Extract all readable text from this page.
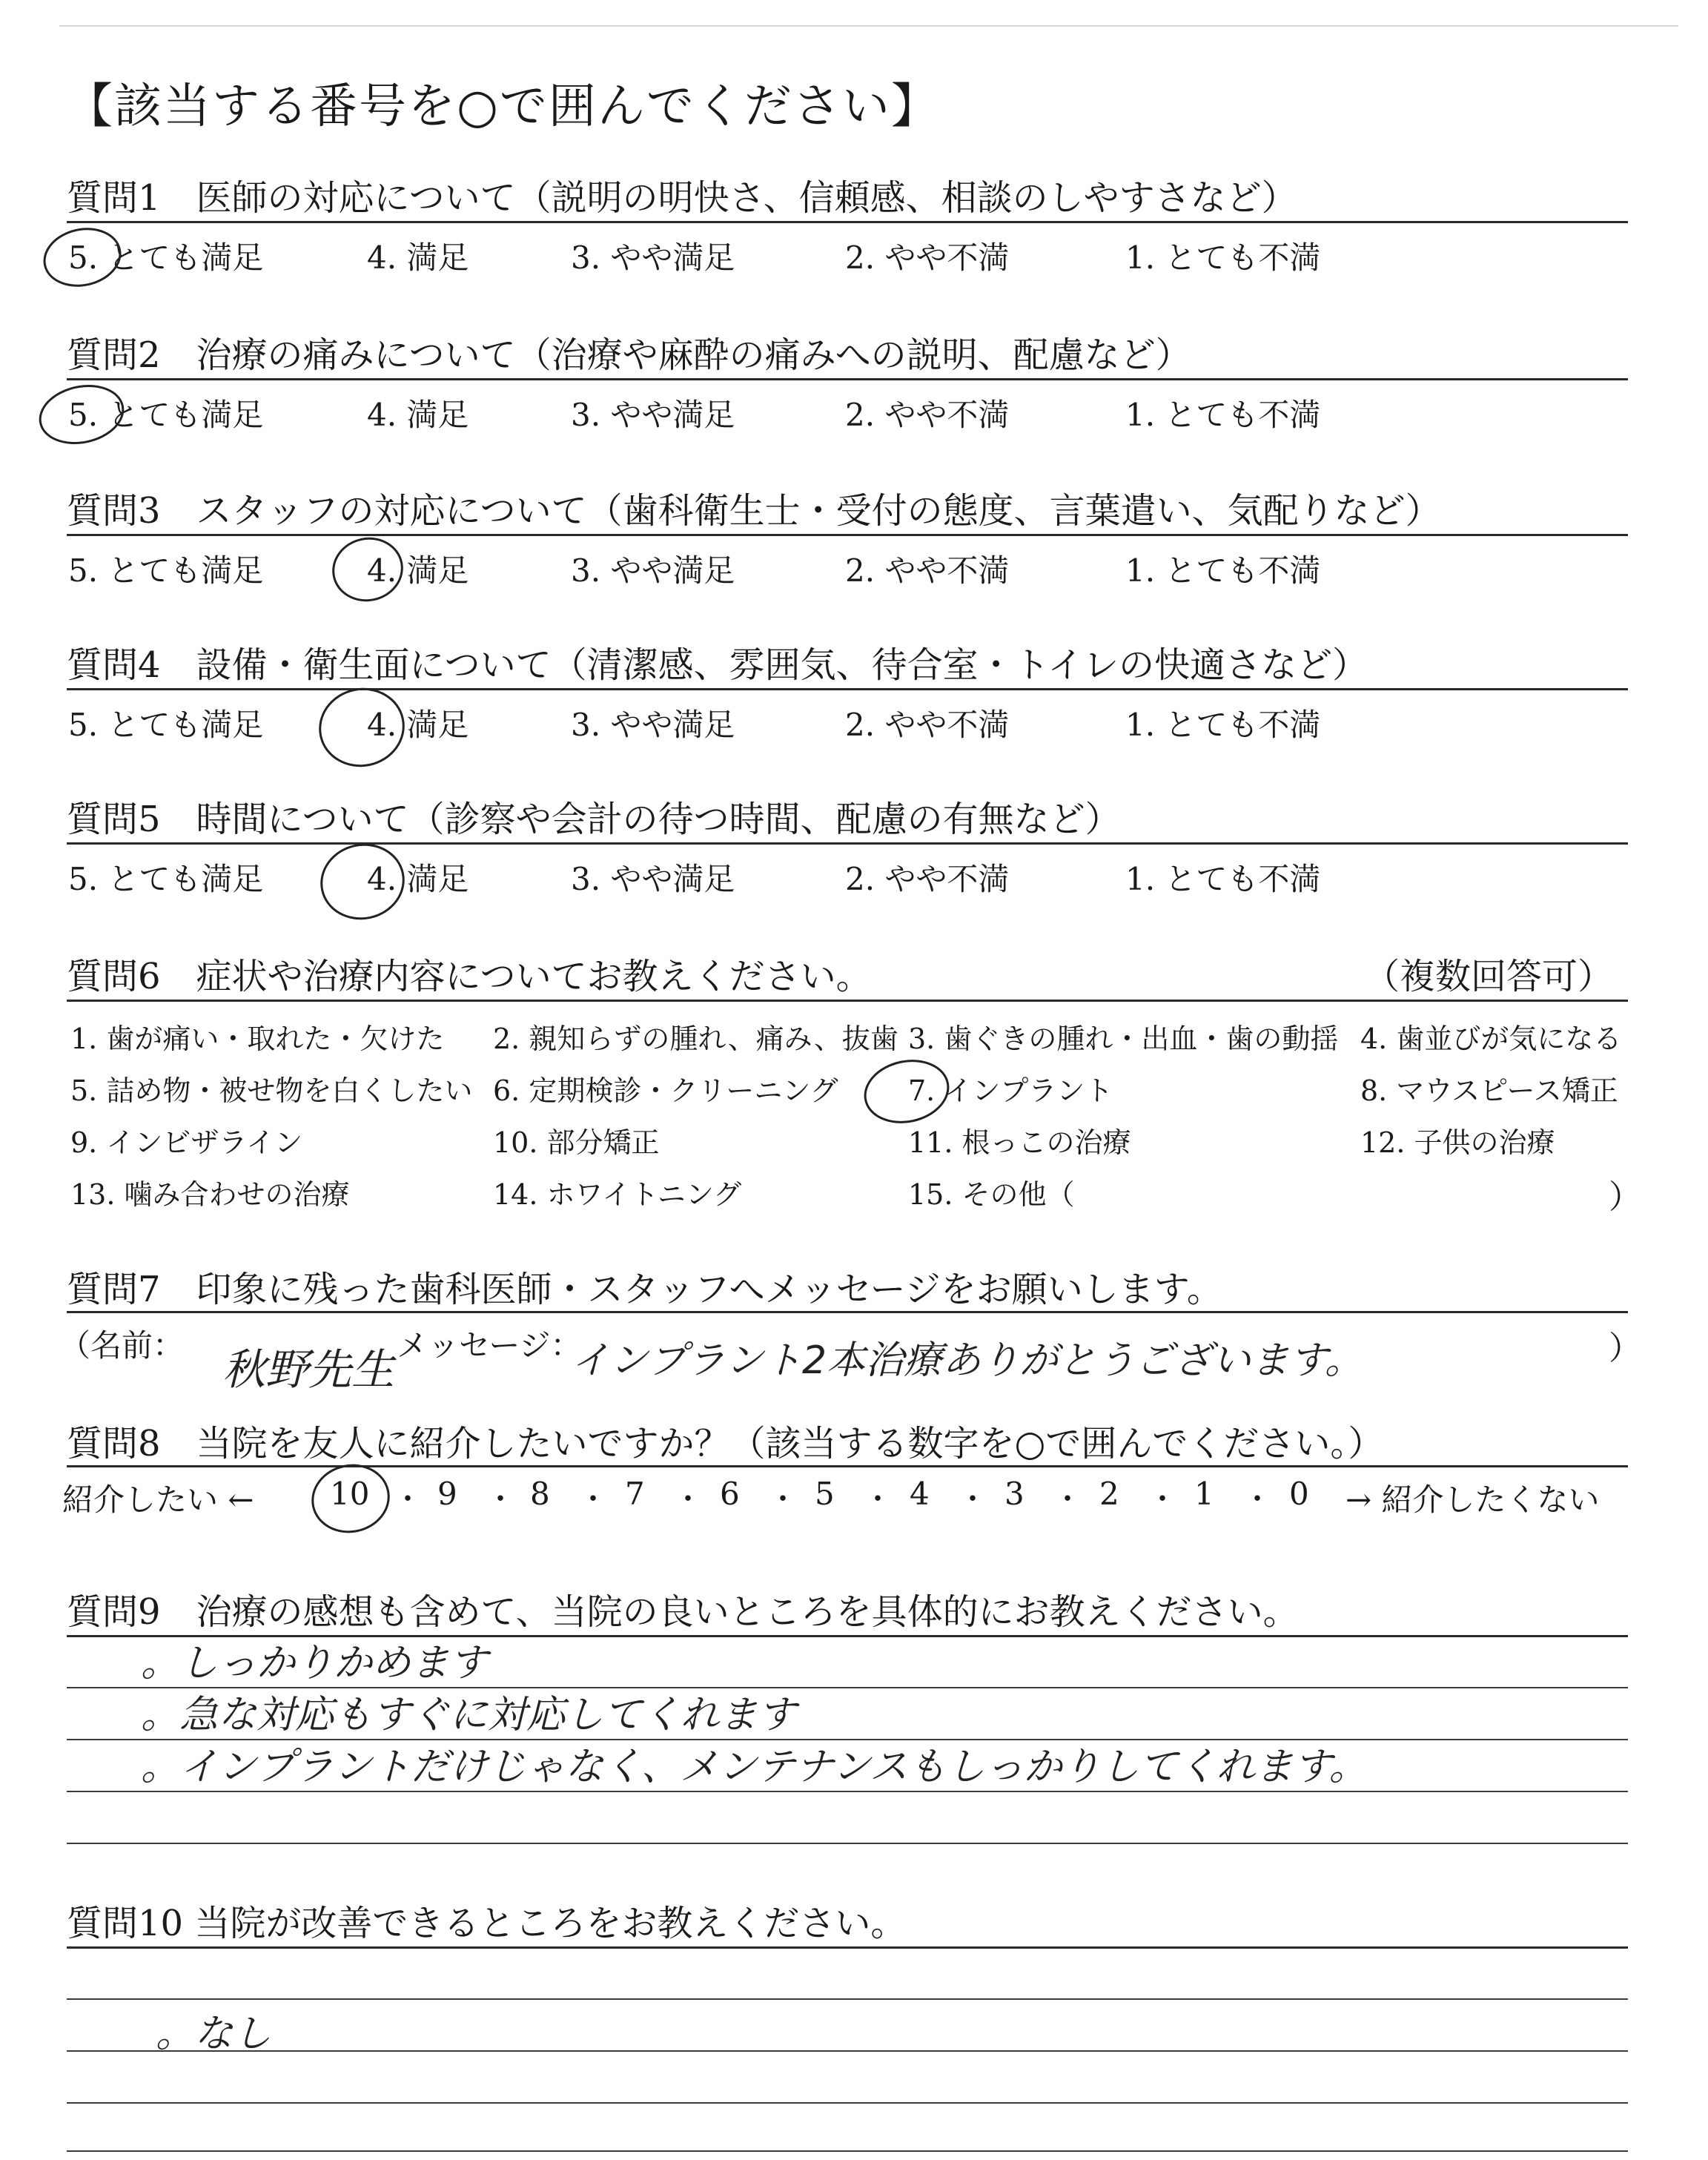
【該当する番号を○で囲んでください】
質問1　医師の対応について（説明の明快さ、信頼感、相談のしやすさなど）
5. とても満足	4. 満足	3. やや満足	2. やや不満	1. とても不満
質問2　治療の痛みについて（治療や麻酔の痛みへの説明、配慮など）
5. とても満足	4. 満足	3. やや満足	2. やや不満	1. とても不満
質問3　スタッフの対応について（歯科衛生士・受付の態度、言葉遣い、気配りなど）
5. とても満足	4. 満足	3. やや満足	2. やや不満	1. とても不満
質問4　設備・衛生面について（清潔感、雰囲気、待合室・トイレの快適さなど）
5. とても満足	4. 満足	3. やや満足	2. やや不満	1. とても不満
質問5　時間について（診察や会計の待つ時間、配慮の有無など）
5. とても満足	4. 満足	3. やや満足	2. やや不満	1. とても不満
質問6　症状や治療内容についてお教えください。	（複数回答可）
1. 歯が痛い・取れた・欠けた 2. 親知らずの腫れ、痛み、抜歯 3. 歯ぐきの腫れ・出血・歯の動揺 4. 歯並びが気になる
5. 詰め物・被せ物を白くしたい 6. 定期検診・クリーニング 7. インプラント	8. マウスピース矯正
9. インビザライン	10. 部分矯正	11. 根っこの治療	12. 子供の治療
13. 噛み合わせの治療	14. ホワイトニング	15. その他（	）
質問7　印象に残った歯科医師・スタッフへメッセージをお願いします。
（名前： 秋野先生 メッセージ：
インプラント2本治療ありがとうございます。	）
質問8　当院を友人に紹介したいですか？（該当する数字を○で囲んでください。）
紹介したい ← 10 ・ 9 ・ 8 ・ 7 ・ 6 ・ 5 ・ 4 ・ 3 ・ 2 ・ 1 ・ 0 → 紹介したくない
質問9　治療の感想も含めて、当院の良いところを具体的にお教えください。
。しっかりかめます
。急な対応もすぐに対応してくれます
。インプラントだけじゃなく、メンテナンスもしっかりしてくれます。
質問10 当院が改善できるところをお教えください。
。なし
